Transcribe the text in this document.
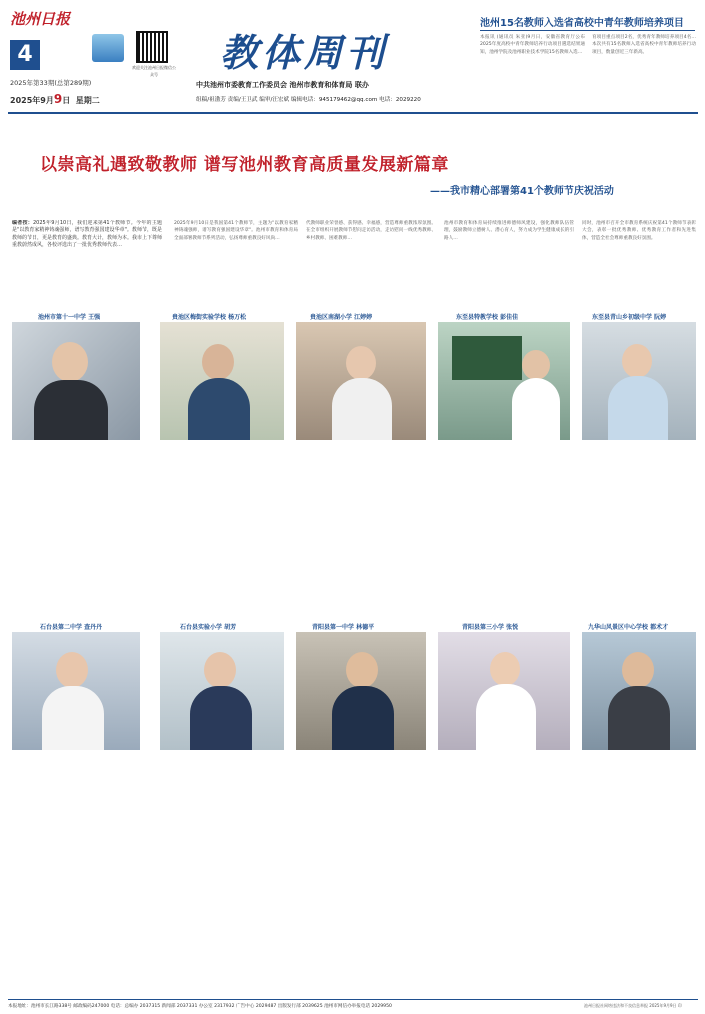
池州日报
4
2025年第33期(总第289期)
2025年9月9日 星期二
欢迎关注池州日报微信公众号	教体周刊
中共池州市委教育工作委员会 池州市教育和体育局 联办
组稿/祖渤芳 责编/王卫武 编审/汪宏斌 编辑电话：945179462@qq.com 电话：2029220
池州15名教师入选省高校中青年教师培养项目
本报讯 (通讯员 朱亚)9月日，安徽省教育厅公布2025年度高校中青年教师培养行动项目遴选结果通知，池州学院及池州职业技术学院15名教师入选…
育项目重点项目2名，优秀青年教师培养项目4名…本次共有15名教师入选省高校中青年教师培养行动项目，数量创近三年新高。
以崇高礼遇致敬教师 谱写池州教育高质量发展新篇章
——我市精心部署第41个教师节庆祝活动
编者按：2025年9月10日，我们迎来第41个教师节。今年的主题是"以教育家精神铸魂强师，谱写教育强国建设华章"。教师节，既是教师的节日，更是教育的盛典。教育大计，教师为本。我市上下尊师重教蔚然成风，各校评选出了一批优秀教师代表…
2025年9月10日是我国第41个教师节，主题为"以教育家精神铸魂强师，谱写教育强国建设华章"。池州市教育和体育局全面部署教师节系列活动，弘扬尊师重教良好风尚…
代教师职业荣誉感、获得感、幸福感，营造尊师重教浓厚氛围。在全市组织开展教师节慰问走访活动，走访慰问一线优秀教师、乡村教师、困难教师…
池州市教育和体育局持续推进师德师风建设，强化教师队伍管理，鼓励教师立德树人、潜心育人，努力成为学生健康成长的引路人…
同时，池州市召开全市教育系统庆祝第41个教师节表彰大会，表彰一批优秀教师、优秀教育工作者和先进集体，营造全社会尊师重教良好氛围。
池州市第十一中学 王强	贵池区梅街实验学校 杨万松	贵池区南湖小学 江婷婷	东至县特教学校 彭佳佳	东至县青山乡初级中学 阮婷
石台县第二中学 查丹丹	石台县实验小学 胡芳	青阳县第一中学 林德平	青阳县第三小学 张悦	九华山风景区中心学校 都术才
本报地址：池州市长江路338号 邮政编码247000 电话：总编办 2037315 新闻部 2037331 办公室 2317932 广告中心 2029487 出版发行部 2039625 池州市网信办举报电话 2029950	池州日报社网络违法和不良信息举报 2025年9月9日 印
